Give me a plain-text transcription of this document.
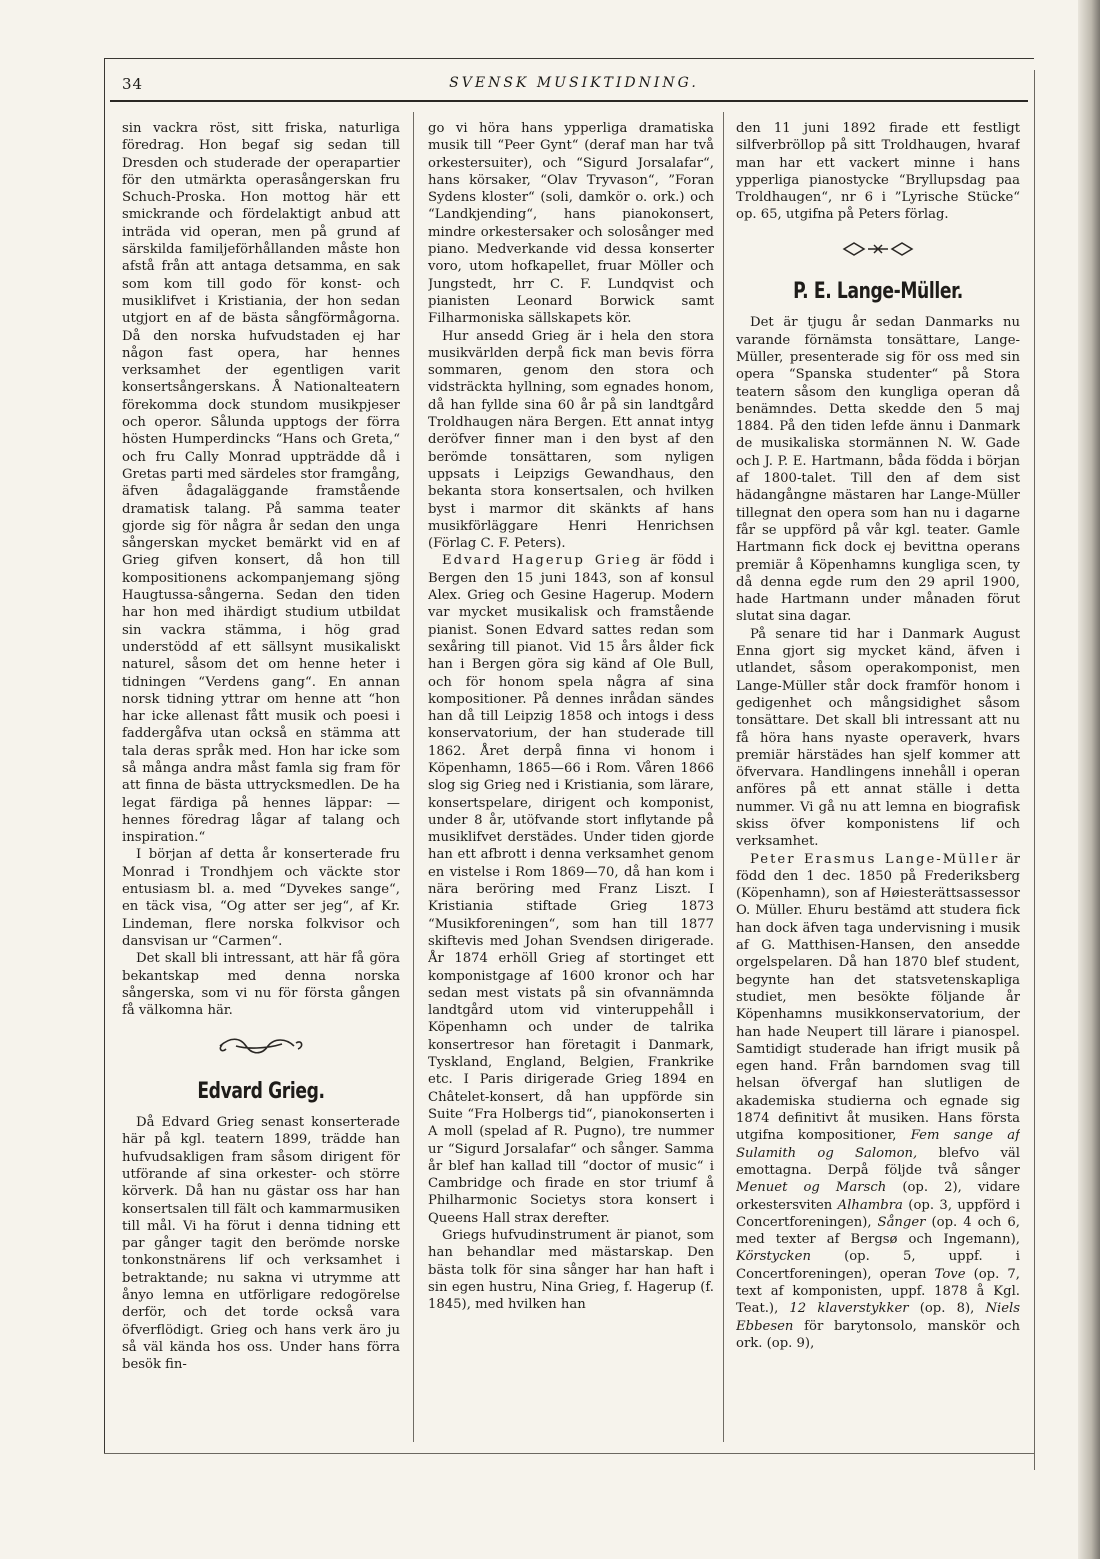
34	SVENSK MUSIKTIDNING.

sin vackra röst, sitt friska, naturliga föredrag. Hon begaf sig sedan till Dresden och studerade der operapartier för den utmärkta operasångerskan fru Schuch-Proska. Hon mottog här ett smickrande och fördelaktigt anbud att inträda vid operan, men på grund af särskilda familjeförhållanden måste hon afstå från att antaga detsamma, en sak som kom till godo för konst- och musiklifvet i Kristiania, der hon sedan utgjort en af de bästa sångförmågorna. Då den norska hufvudstaden ej har någon fast opera, har hennes verksamhet der egentligen varit konsertsångerskans. Å Nationalteatern förekomma dock stundom musikpjeser och operor. Sålunda upptogs der förra hösten Humperdincks “Hans och Greta,“ och fru Cally Monrad uppträdde då i Gretas parti med särdeles stor framgång, äfven ådagaläggande framstående dramatisk talang. På samma teater gjorde sig för några år sedan den unga sångerskan mycket bemärkt vid en af Grieg gifven konsert, då hon till kompositionens ackompanjemang sjöng Haugtussa-sångerna. Sedan den tiden har hon med ihärdigt studium utbildat sin vackra stämma, i hög grad understödd af ett sällsynt musikaliskt naturel, såsom det om henne heter i tidningen “Verdens gang“. En annan norsk tidning yttrar om henne att “hon har icke allenast fått musik och poesi i faddergåfva utan också en stämma att tala deras språk med. Hon har icke som så många andra måst famla sig fram för att finna de bästa uttrycksmedlen. De ha legat färdiga på hennes läppar: — hennes föredrag lågar af talang och inspiration.“

I början af detta år konserterade fru Monrad i Trondhjem och väckte stor entusiasm bl. a. med “Dyvekes sange“, en täck visa, “Og atter ser jeg“, af Kr. Lindeman, flere norska folkvisor och dansvisan ur “Carmen“.

Det skall bli intressant, att här få göra bekantskap med denna norska sångerska, som vi nu för första gången få välkomna här.

Edvard Grieg.

Då Edvard Grieg senast konserterade här på kgl. teatern 1899, trädde han hufvudsakligen fram såsom dirigent för utförande af sina orkester- och större körverk. Då han nu gästar oss har han konsertsalen till fält och kammarmusiken till mål. Vi ha förut i denna tidning ett par gånger tagit den berömde norske tonkonstnärens lif och verksamhet i betraktande; nu sakna vi utrymme att ånyo lemna en utförligare redogörelse derför, och det torde också vara öfverflödigt. Grieg och hans verk äro ju så väl kända hos oss. Under hans förra besök fin-

go vi höra hans ypperliga dramatiska musik till “Peer Gynt“ (deraf man har två orkestersuiter), och “Sigurd Jorsalafar“, hans körsaker, “Olav Tryvason“, ”Foran Sydens kloster“ (soli, damkör o. ork.) och “Landkjending“, hans pianokonsert, mindre orkestersaker och solosånger med piano. Medverkande vid dessa konserter voro, utom hofkapellet, fruar Möller och Jungstedt, hrr C. F. Lundqvist och pianisten Leonard Borwick samt Filharmoniska sällskapets kör.

Hur ansedd Grieg är i hela den stora musikvärlden derpå fick man bevis förra sommaren, genom den stora och vidsträckta hyllning, som egnades honom, då han fyllde sina 60 år på sin landtgård Troldhaugen nära Bergen. Ett annat intyg deröfver finner man i den byst af den berömde tonsättaren, som nyligen uppsats i Leipzigs Gewandhaus, den bekanta stora konsertsalen, och hvilken byst i marmor dit skänkts af hans musikförläggare Henri Henrichsen (Förlag C. F. Peters).

Edvard Hagerup Grieg är född i Bergen den 15 juni 1843, son af konsul Alex. Grieg och Gesine Hagerup. Modern var mycket musikalisk och framstående pianist. Sonen Edvard sattes redan som sexåring till pianot. Vid 15 års ålder fick han i Bergen göra sig känd af Ole Bull, och för honom spela några af sina kompositioner. På dennes inrådan sändes han då till Leipzig 1858 och intogs i dess konservatorium, der han studerade till 1862. Året derpå finna vi honom i Köpenhamn, 1865—66 i Rom. Våren 1866 slog sig Grieg ned i Kristiania, som lärare, konsertspelare, dirigent och komponist, under 8 år, utöfvande stort inflytande på musiklifvet derstädes. Under tiden gjorde han ett afbrott i denna verksamhet genom en vistelse i Rom 1869—70, då han kom i nära beröring med Franz Liszt. I Kristiania stiftade Grieg 1873 “Musikforeningen“, som han till 1877 skiftevis med Johan Svendsen dirigerade. År 1874 erhöll Grieg af stortinget ett komponistgage af 1600 kronor och har sedan mest vistats på sin ofvannämnda landtgård utom vid vinteruppehåll i Köpenhamn och under de talrika konsertresor han företagit i Danmark, Tyskland, England, Belgien, Frankrike etc. I Paris dirigerade Grieg 1894 en Châtelet-konsert, då han uppförde sin Suite “Fra Holbergs tid“, pianokonserten i A moll (spelad af R. Pugno), tre nummer ur “Sigurd Jorsalafar“ och sånger. Samma år blef han kallad till “doctor of music“ i Cambridge och firade en stor triumf å Philharmonic Societys stora konsert i Queens Hall strax derefter.

Griegs hufvudinstrument är pianot, som han behandlar med mästarskap. Den bästa tolk för sina sånger har han haft i sin egen hustru, Nina Grieg, f. Hagerup (f. 1845), med hvilken han

den 11 juni 1892 firade ett festligt silfverbröllop på sitt Troldhaugen, hvaraf man har ett vackert minne i hans ypperliga pianostycke “Bryllupsdag paa Troldhaugen“, nr 6 i ”Lyrische Stücke“ op. 65, utgifna på Peters förlag.

P. E. Lange-Müller.

Det är tjugu år sedan Danmarks nu varande förnämsta tonsättare, Lange-Müller, presenterade sig för oss med sin opera “Spanska studenter“ på Stora teatern såsom den kungliga operan då benämndes. Detta skedde den 5 maj 1884. På den tiden lefde ännu i Danmark de musikaliska stormännen N. W. Gade och J. P. E. Hartmann, båda födda i början af 1800-talet. Till den af dem sist hädangångne mästaren har Lange-Müller tillegnat den opera som han nu i dagarne får se uppförd på vår kgl. teater. Gamle Hartmann fick dock ej bevittna operans premiär å Köpenhamns kungliga scen, ty då denna egde rum den 29 april 1900, hade Hartmann under månaden förut slutat sina dagar.

På senare tid har i Danmark August Enna gjort sig mycket känd, äfven i utlandet, såsom operakomponist, men Lange-Müller står dock framför honom i gedigenhet och mångsidighet såsom tonsättare. Det skall bli intressant att nu få höra hans nyaste operaverk, hvars premiär härstädes han sjelf kommer att öfvervara. Handlingens innehåll i operan anföres på ett annat ställe i detta nummer. Vi gå nu att lemna en biografisk skiss öfver komponistens lif och verksamhet.

Peter Erasmus Lange-Müller är född den 1 dec. 1850 på Frederiksberg (Köpenhamn), son af Høiesterättsassessor O. Müller. Ehuru bestämd att studera fick han dock äfven taga undervisning i musik af G. Matthisen-Hansen, den ansedde orgelspelaren. Då han 1870 blef student, begynte han det statsvetenskapliga studiet, men besökte följande år Köpenhamns musikkonservatorium, der han hade Neupert till lärare i pianospel. Samtidigt studerade han ifrigt musik på egen hand. Från barndomen svag till helsan öfvergaf han slutligen de akademiska studierna och egnade sig 1874 definitivt åt musiken. Hans första utgifna kompositioner, Fem sange af Sulamith og Salomon, blefvo väl emottagna. Derpå följde två sånger Menuet og Marsch (op. 2), vidare orkestersviten Alhambra (op. 3, uppförd i Concertforeningen), Sånger (op. 4 och 6, med texter af Bergsø och Ingemann), Körstycken (op. 5, uppf. i Concertforeningen), operan Tove (op. 7, text af komponisten, uppf. 1878 å Kgl. Teat.), 12 klaverstykker (op. 8), Niels Ebbesen för barytonsolo, manskör och ork. (op. 9),
